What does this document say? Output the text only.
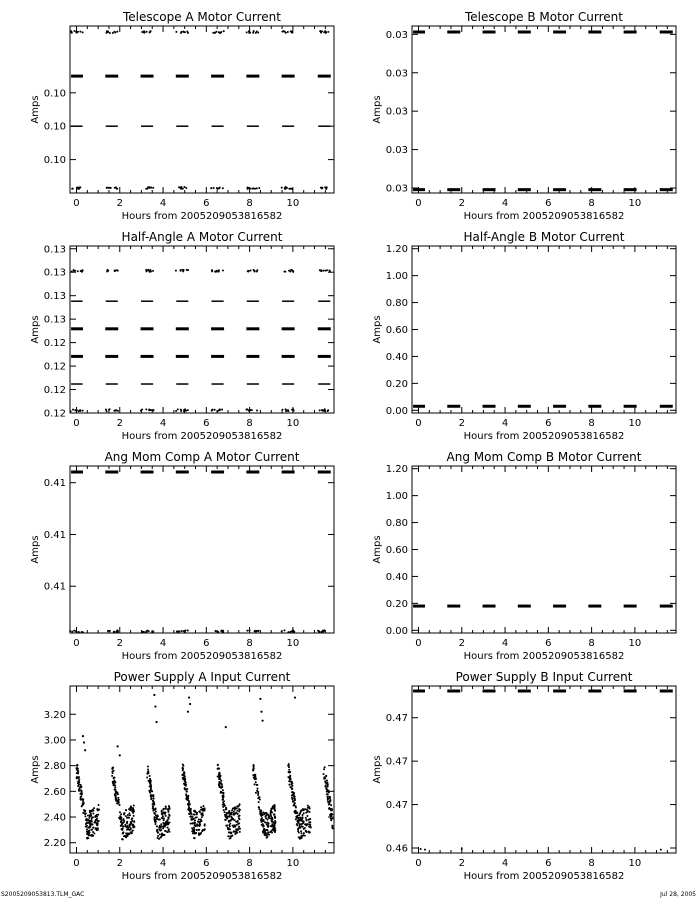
Telescope A Motor Current
Hours from 2005209053816582
Amps
0	2	4	6	8	10
0.10
0.10
0.10
Telescope B Motor Current
Hours from 2005209053816582
Amps
0	2	4	6	8	10
0.03
0.03
0.03
0.03
0.03
Half-Angle A Motor Current
Hours from 2005209053816582
Amps
0	2	4	6	8	10
0.12
0.12
0.12
0.12
0.13
0.13
0.13
0.13
Half-Angle B Motor Current
Hours from 2005209053816582
Amps
0	2	4	6	8	10
0.00
0.20
0.40
0.60
0.80
1.00
1.20
Ang Mom Comp A Motor Current
Hours from 2005209053816582
Amps
0	2	4	6	8	10
0.41
0.41
0.41
Ang Mom Comp B Motor Current
Hours from 2005209053816582
Amps
0	2	4	6	8	10
0.00
0.20
0.40
0.60
0.80
1.00
1.20
Power Supply A Input Current
Hours from 2005209053816582
Amps
0	2	4	6	8	10
2.20
2.40
2.60
2.80
3.00
3.20
Power Supply B Input Current
Hours from 2005209053816582
Amps
0	2	4	6	8	10
0.46
0.47
0.47
0.47
S2005209053813.TLM_GAC	Jul 28, 2005
